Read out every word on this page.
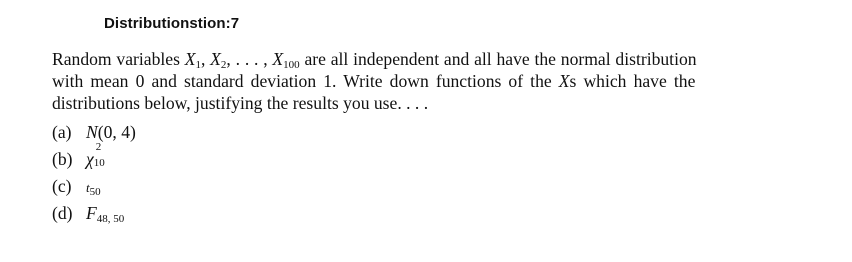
Distributionstion:7
Random variables $X_1$, $X_2$, . . . , $X_{100}$ are all independent and all have the normal distribution
with mean 0 and standard deviation 1. Write down functions of the Xs which have the
distributions below, justifying the results you use. . . .
(a) N(0, 4)
(b) χ
2
10
(c) $t_{50}$
(d) $F_{48, 50}$
